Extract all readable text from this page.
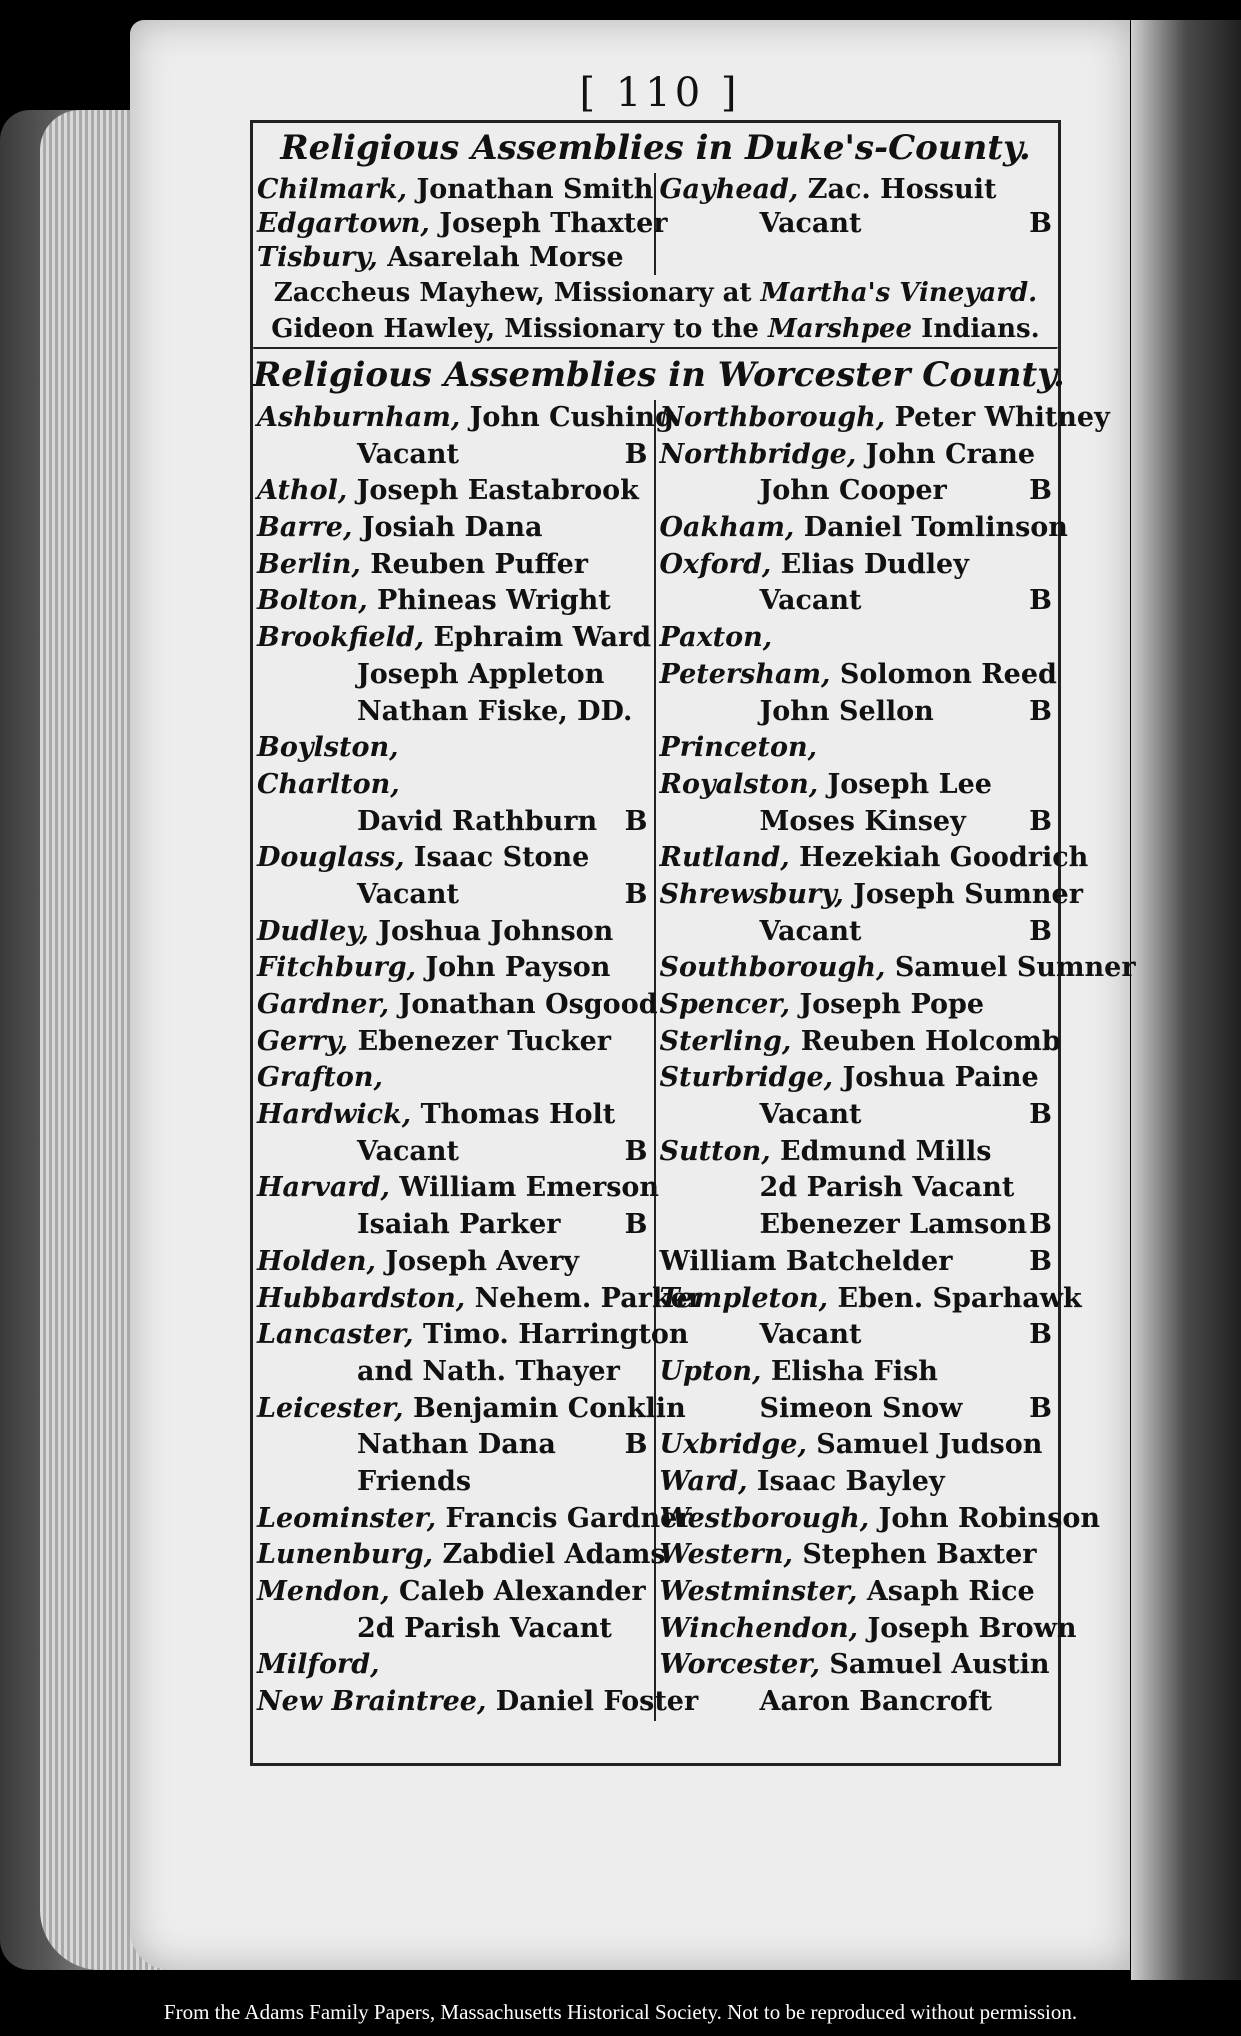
[ 110 ]
Religious Assemblies in Duke's-County.
Chilmark, Jonathan Smith
Edgartown, Joseph Thaxter
Tisbury, Asarelah Morse
Gayhead, Zac. Hossuit
Vacant	B
Zaccheus Mayhew, Missionary at Martha's Vineyard.
Gideon Hawley, Missionary to the Marshpee Indians.
Religious Assemblies in Worcester County.
Ashburnham, John Cushing
Vacant	B
Athol, Joseph Eastabrook
Barre, Josiah Dana
Berlin, Reuben Puffer
Bolton, Phineas Wright
Brookfield, Ephraim Ward
Joseph Appleton
Nathan Fiske, DD.
Boylston,
Charlton,
David Rathburn B
Douglass, Isaac Stone
Vacant	B
Dudley, Joshua Johnson
Fitchburg, John Payson
Gardner, Jonathan Osgood
Gerry, Ebenezer Tucker
Grafton,
Hardwick, Thomas Holt
Vacant	B
Harvard, William Emerson
Isaiah Parker B
Holden, Joseph Avery
Hubbardston, Nehem. Parker
Lancaster, Timo. Harrington
and Nath. Thayer
Leicester, Benjamin Conklin
Nathan Dana	B
Friends
Leominster, Francis Gardner
Lunenburg, Zabdiel Adams
Mendon, Caleb Alexander
2d Parish Vacant
Milford,
New Braintree, Daniel Foster
Northborough, Peter Whitney
Northbridge, John Crane
John Cooper	B
Oakham, Daniel Tomlinson
Oxford, Elias Dudley
Vacant	B
Paxton,
Petersham, Solomon Reed
John Sellon	B
Princeton,
Royalston, Joseph Lee
Moses Kinsey B
Rutland, Hezekiah Goodrich
Shrewsbury, Joseph Sumner
Vacant	B
Southborough, Samuel Sumner
Spencer, Joseph Pope
Sterling, Reuben Holcomb
Sturbridge, Joshua Paine
Vacant	B
Sutton, Edmund Mills
2d Parish Vacant
Ebenezer Lamson B
William Batchelder	B
Templeton, Eben. Sparhawk
Vacant	B
Upton, Elisha Fish
Simeon Snow B
Uxbridge, Samuel Judson
Ward, Isaac Bayley
Westborough, John Robinson
Western, Stephen Baxter
Westminster, Asaph Rice
Winchendon, Joseph Brown
Worcester, Samuel Austin
Aaron Bancroft
From the Adams Family Papers, Massachusetts Historical Society. Not to be reproduced without permission.
